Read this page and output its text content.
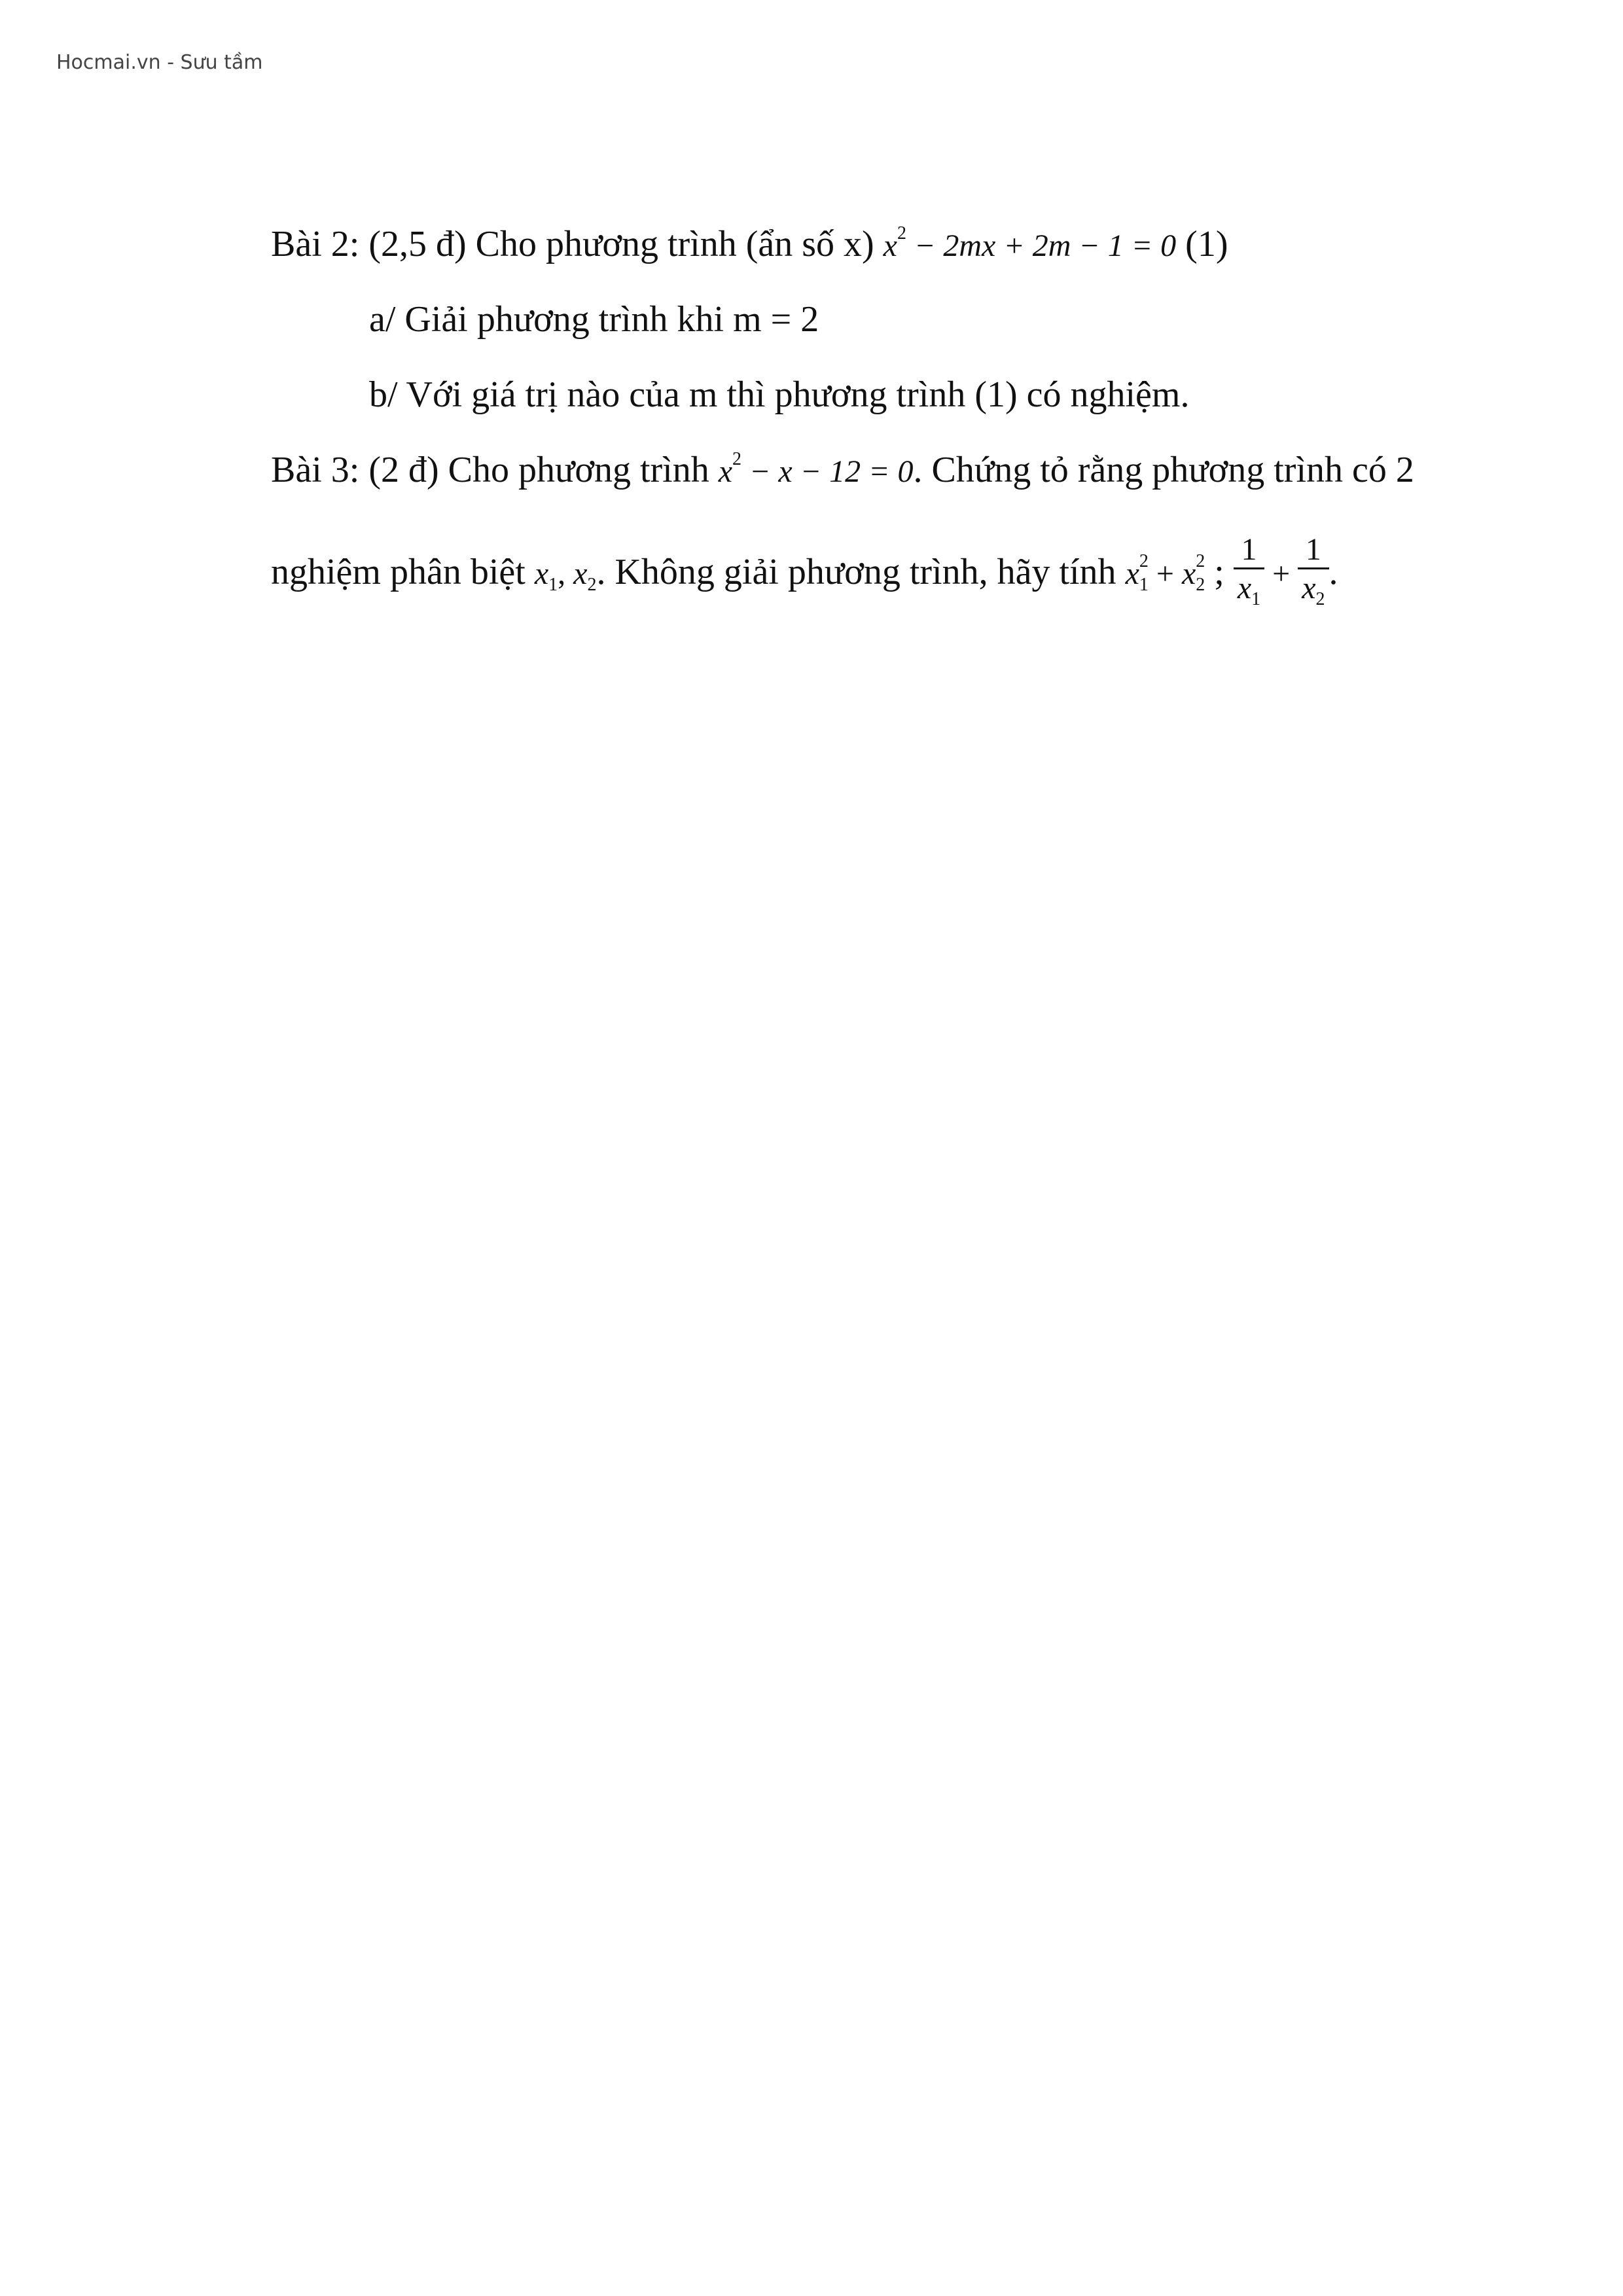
Hocmai.vn - Sưu tầm
Bài 2: (2,5 đ) Cho phương trình (ẩn số x) $x^2 - 2mx + 2m - 1 = 0$ (1)
a/ Giải phương trình khi m = 2
b/ Với giá trị nào của m thì phương trình (1) có nghiệm.
Bài 3: (2 đ) Cho phương trình $x^2 - x - 12 = 0$. Chứng tỏ rằng phương trình có 2
nghiệm phân biệt $x_1$, $x_2$. Không giải phương trình, hãy tính $x_1^2 + x_2^2$ ; $\frac{1}{x_1} + \frac{1}{x_2}$ .
